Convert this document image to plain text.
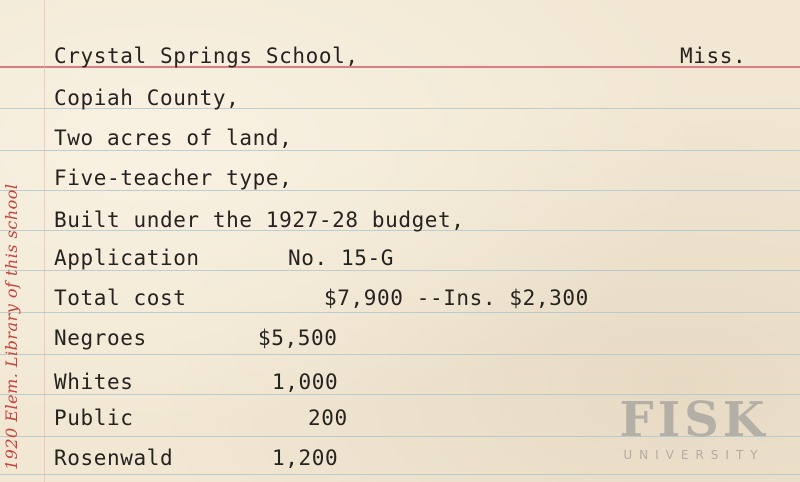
1920 Elem. Library of this school
Miss.
Crystal Springs School,
Copiah County,
Two acres of land,
Five-teacher type,
Built under the 1927-28 budget,
Application	No. 15-G
Total cost	$7,900 --Ins. $2,300
Negroes	$5,500
Whites	1,000
Public	200
Rosenwald	1,200
FISK
UNIVERSITY
